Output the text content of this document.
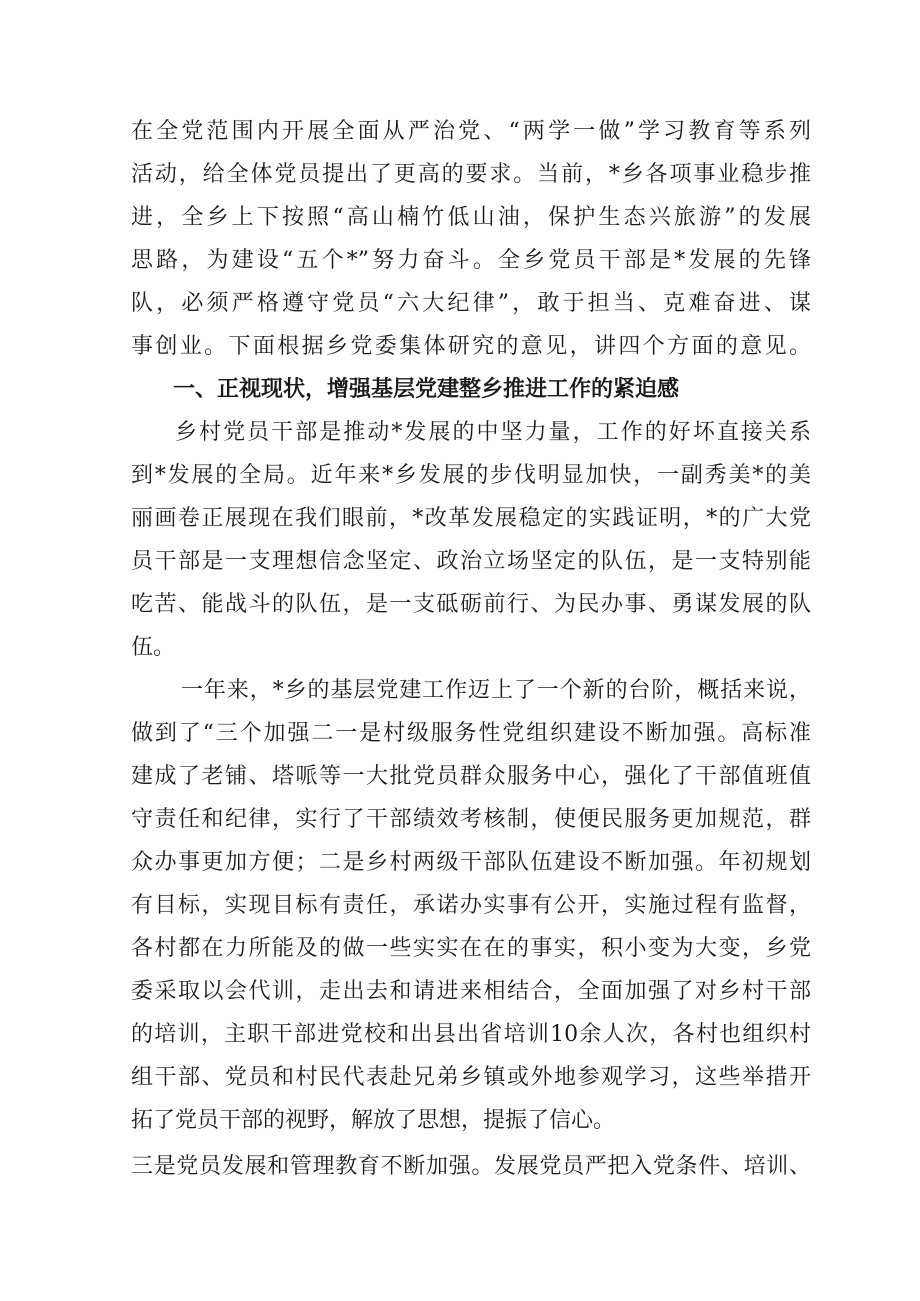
在全党范围内开展全面从严治党、“两学一做”学习教育等系列
活动，给全体党员提出了更高的要求。当前，*乡各项事业稳步推
进，全乡上下按照“高山楠竹低山油，保护生态兴旅游”的发展
思路，为建设“五个*”努力奋斗。全乡党员干部是*发展的先锋
队，必须严格遵守党员“六大纪律”，敢于担当、克难奋进、谋
事创业。下面根据乡党委集体研究的意见，讲四个方面的意见。
一、正视现状，增强基层党建整乡推进工作的紧迫感
乡村党员干部是推动*发展的中坚力量，工作的好坏直接关系
到*发展的全局。近年来*乡发展的步伐明显加快，一副秀美*的美
丽画卷正展现在我们眼前，*改革发展稳定的实践证明，*的广大党
员干部是一支理想信念坚定、政治立场坚定的队伍，是一支特别能
吃苦、能战斗的队伍，是一支砥砺前行、为民办事、勇谋发展的队
伍。
一年来，*乡的基层党建工作迈上了一个新的台阶，概括来说，
做到了“三个加强二一是村级服务性党组织建设不断加强。高标准
建成了老铺、塔哌等一大批党员群众服务中心，强化了干部值班值
守责任和纪律，实行了干部绩效考核制，使便民服务更加规范，群
众办事更加方便；二是乡村两级干部队伍建设不断加强。年初规划
有目标，实现目标有责任，承诺办实事有公开，实施过程有监督，
各村都在力所能及的做一些实实在在的事实，积小变为大变，乡党
委采取以会代训，走出去和请进来相结合，全面加强了对乡村干部
的培训，主职干部进党校和出县出省培训10余人次，各村也组织村
组干部、党员和村民代表赴兄弟乡镇或外地参观学习，这些举措开
拓了党员干部的视野，解放了思想，提振了信心。
三是党员发展和管理教育不断加强。发展党员严把入党条件、培训、
